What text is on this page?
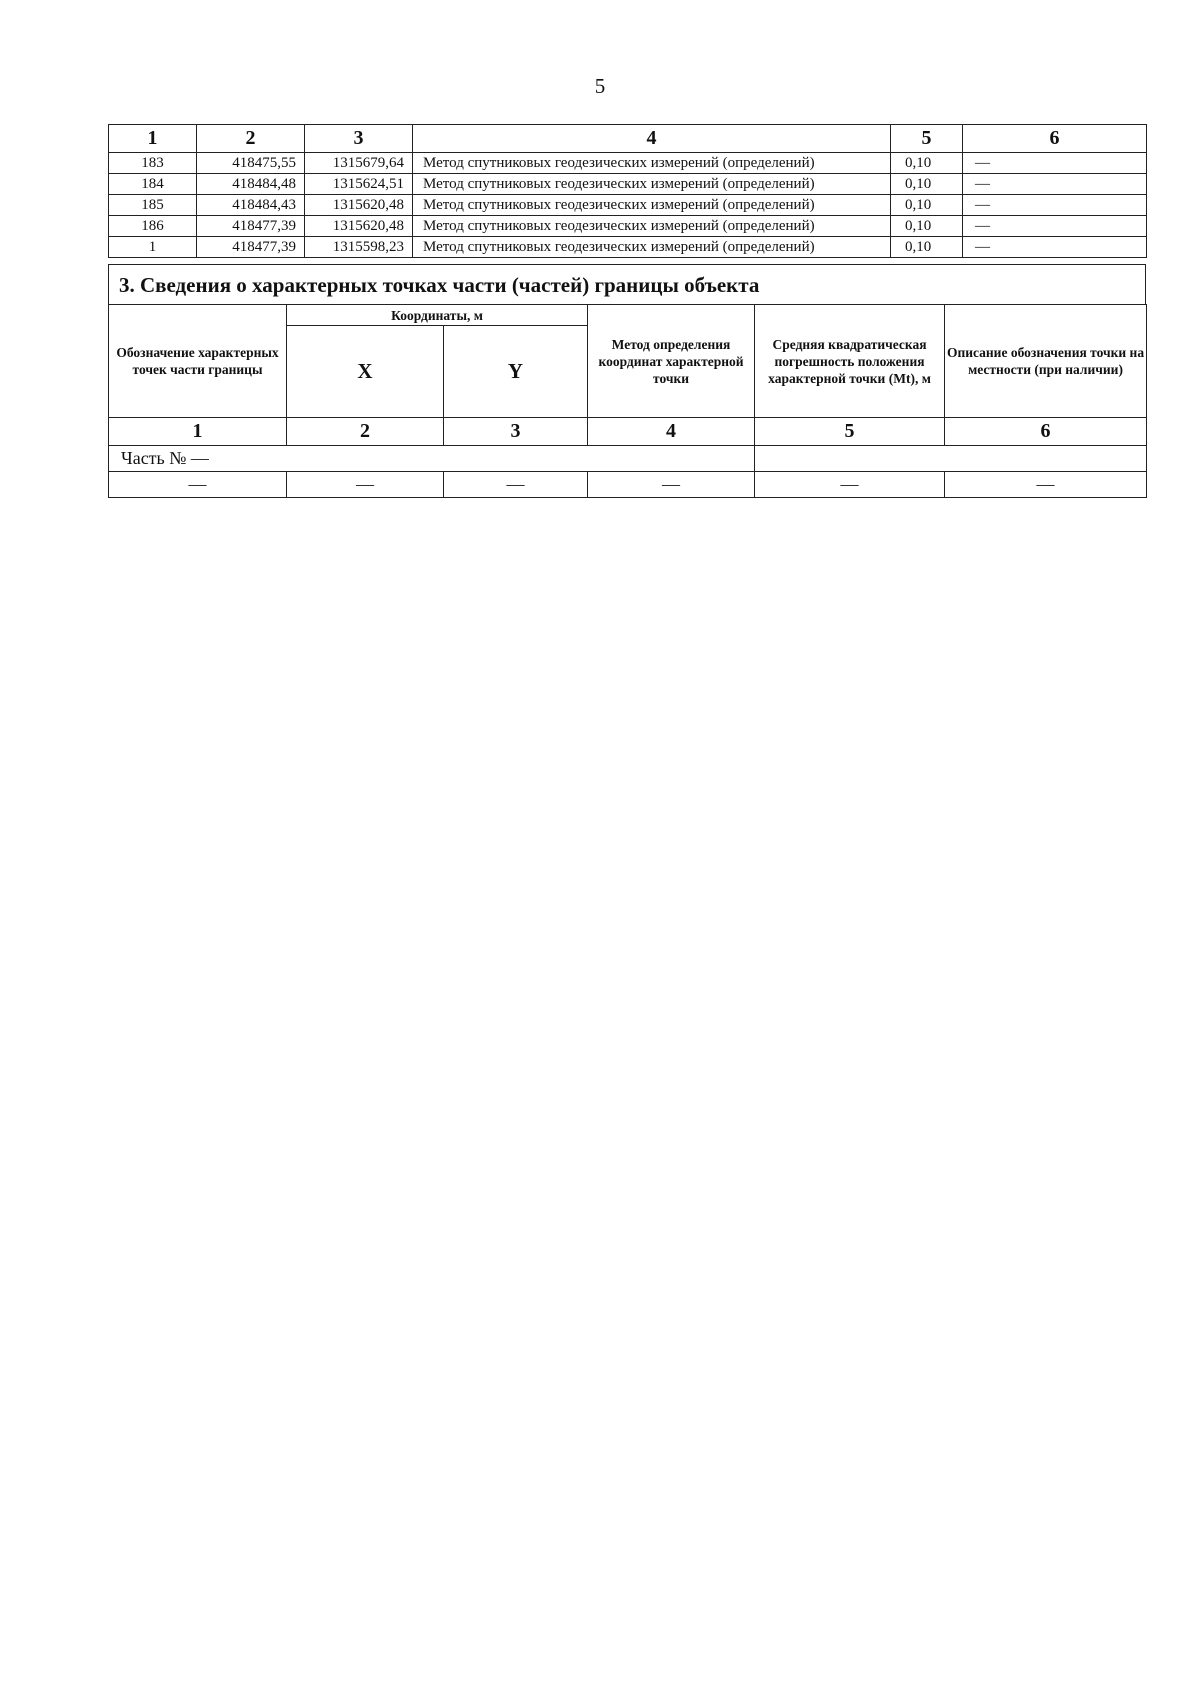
5
1	2	3	4	5	6
183	418475,55	1315679,64	Метод спутниковых геодезических измерений (определений)	0,10	—
184	418484,48	1315624,51	Метод спутниковых геодезических измерений (определений)	0,10	—
185	418484,43	1315620,48	Метод спутниковых геодезических измерений (определений)	0,10	—
186	418477,39	1315620,48	Метод спутниковых геодезических измерений (определений)	0,10	—
1	418477,39	1315598,23	Метод спутниковых геодезических измерений (определений)	0,10	—
3. Сведения о характерных точках части (частей) границы объекта
Обозначение характерных точек части границы	Координаты, м		Метод определения координат характерной точки	Средняя квадратическая погрешность положения характерной точки (Mt), м	Описание обозначения точки на местности (при наличии)
	X	Y			
1	2	3	4	5	6
Часть № —					
—	—	—	—	—	—
